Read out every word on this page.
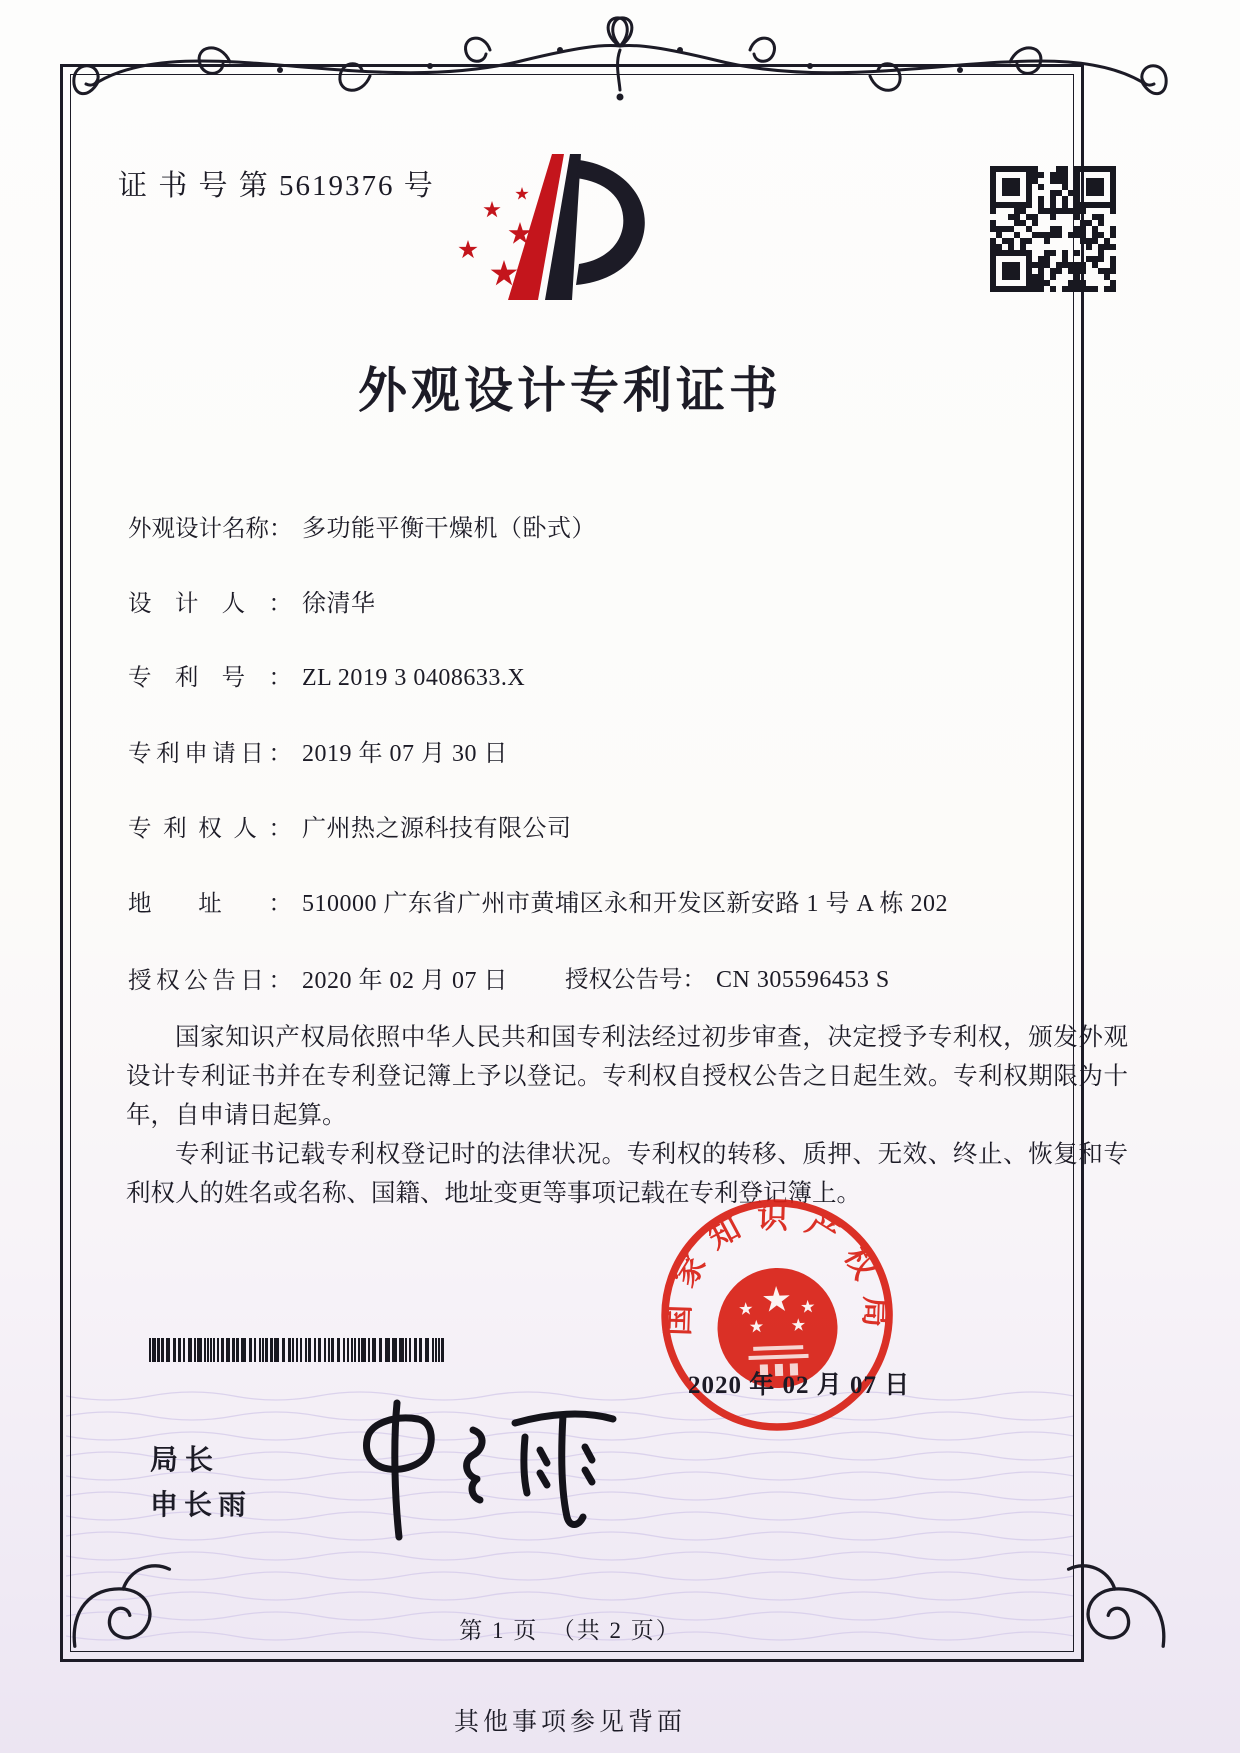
证 书 号 第 5619376 号
外观设计专利证书
外观设计名称： 多功能平衡干燥机（卧式）
设计人： 徐清华
专利号： ZL 2019 3 0408633.X
专利申请日： 2019 年 07 月 30 日
专利权人： 广州热之源科技有限公司
地址： 510000 广东省广州市黄埔区永和开发区新安路 1 号 A 栋 202
授权公告日： 2020 年 02 月 07 日 授权公告号： CN 305596453 S

国家知识产权局依照中华人民共和国专利法经过初步审查，决定授予专利权，颁发外观设计专利证书并在专利登记簿上予以登记。专利权自授权公告之日起生效。专利权期限为十年，自申请日起算。

专利证书记载专利权登记时的法律状况。专利权的转移、质押、无效、终止、恢复和专利权人的姓名或名称、国籍、地址变更等事项记载在专利登记簿上。

局长
申长雨
国家知识产权局
2020 年 02 月 07 日
第 1 页　（共 2 页）
其他事项参见背面
